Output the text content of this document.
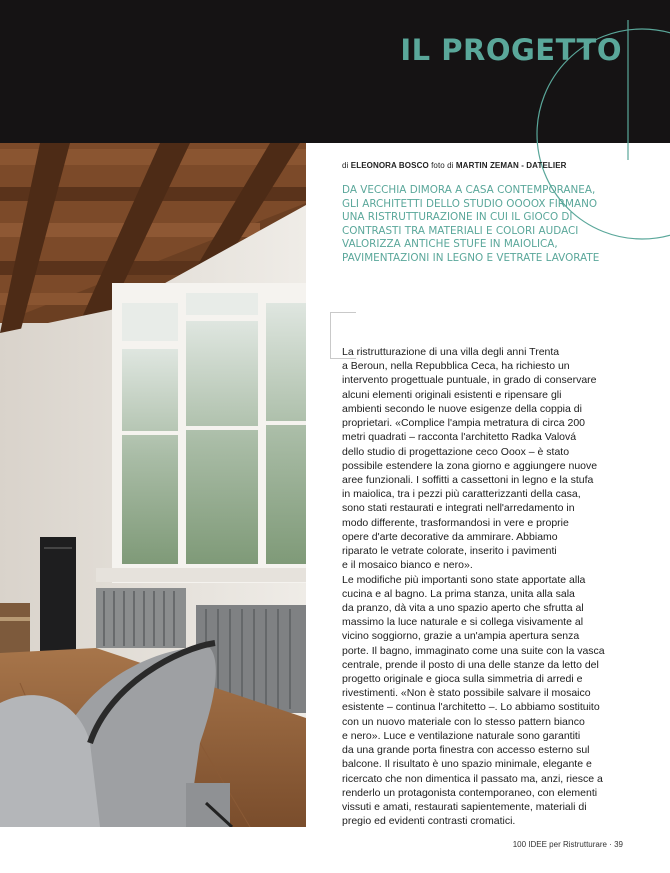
IL PROGETTO
di ELEONORA BOSCO foto di MARTIN ZEMAN - DATELIER
DA VECCHIA DIMORA A CASA CONTEMPORANEA,
GLI ARCHITETTI DELLO STUDIO OOOOX FIRMANO
UNA RISTRUTTURAZIONE IN CUI IL GIOCO DI
CONTRASTI TRA MATERIALI E COLORI AUDACI
VALORIZZA ANTICHE STUFE IN MAIOLICA,
PAVIMENTAZIONI IN LEGNO E VETRATE LAVORATE
La ristrutturazione di una villa degli anni Trenta
a Beroun, nella Repubblica Ceca, ha richiesto un
intervento progettuale puntuale, in grado di conservare
alcuni elementi originali esistenti e ripensare gli
ambienti secondo le nuove esigenze della coppia di
proprietari. «Complice l'ampia metratura di circa 200
metri quadrati – racconta l'architetto Radka Valová
dello studio di progettazione ceco Ooox – è stato
possibile estendere la zona giorno e aggiungere nuove
aree funzionali. I soffitti a cassettoni in legno e la stufa
in maiolica, tra i pezzi più caratterizzanti della casa,
sono stati restaurati e integrati nell'arredamento in
modo differente, trasformandosi in vere e proprie
opere d'arte decorative da ammirare. Abbiamo
riparato le vetrate colorate, inserito i pavimenti
e il mosaico bianco e nero».
Le modifiche più importanti sono state apportate alla
cucina e al bagno. La prima stanza, unita alla sala
da pranzo, dà vita a uno spazio aperto che sfrutta al
massimo la luce naturale e si collega visivamente al
vicino soggiorno, grazie a un'ampia apertura senza
porte. Il bagno, immaginato come una suite con la vasca
centrale, prende il posto di una delle stanze da letto del
progetto originale e gioca sulla simmetria di arredi e
rivestimenti. «Non è stato possibile salvare il mosaico
esistente – continua l'architetto –. Lo abbiamo sostituito
con un nuovo materiale con lo stesso pattern bianco
e nero». Luce e ventilazione naturale sono garantiti
da una grande porta finestra con accesso esterno sul
balcone. Il risultato è uno spazio minimale, elegante e
ricercato che non dimentica il passato ma, anzi, riesce a
renderlo un protagonista contemporaneo, con elementi
vissuti e amati, restaurati sapientemente, materiali di
pregio ed evidenti contrasti cromatici.
100 IDEE per Ristrutturare · 39
